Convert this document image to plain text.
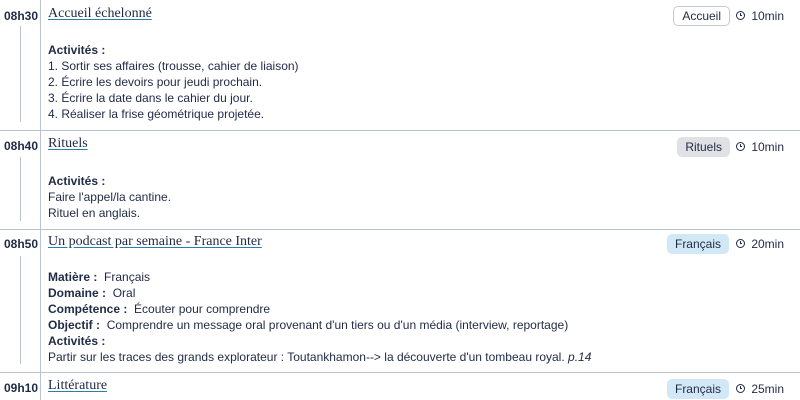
08h30 Accueil échelonné	Accueil	10min
Activités :
1. Sortir ses affaires (trousse, cahier de liaison)
2. Écrire les devoirs pour jeudi prochain.
3. Écrire la date dans le cahier du jour.
4. Réaliser la frise géométrique projetée.
08h40 Rituels	Rituels	10min
Activités :
Faire l'appel/la cantine.
Rituel en anglais.
08h50 Un podcast par semaine - France Inter	Français	20min
Matière : Français
Domaine : Oral
Compétence : Écouter pour comprendre
Objectif : Comprendre un message oral provenant d'un tiers ou d'un média (interview, reportage)
Activités :
Partir sur les traces des grands explorateur : Toutankhamon--> la découverte d'un tombeau royal. p.14
09h10 Littérature	Français	25min
